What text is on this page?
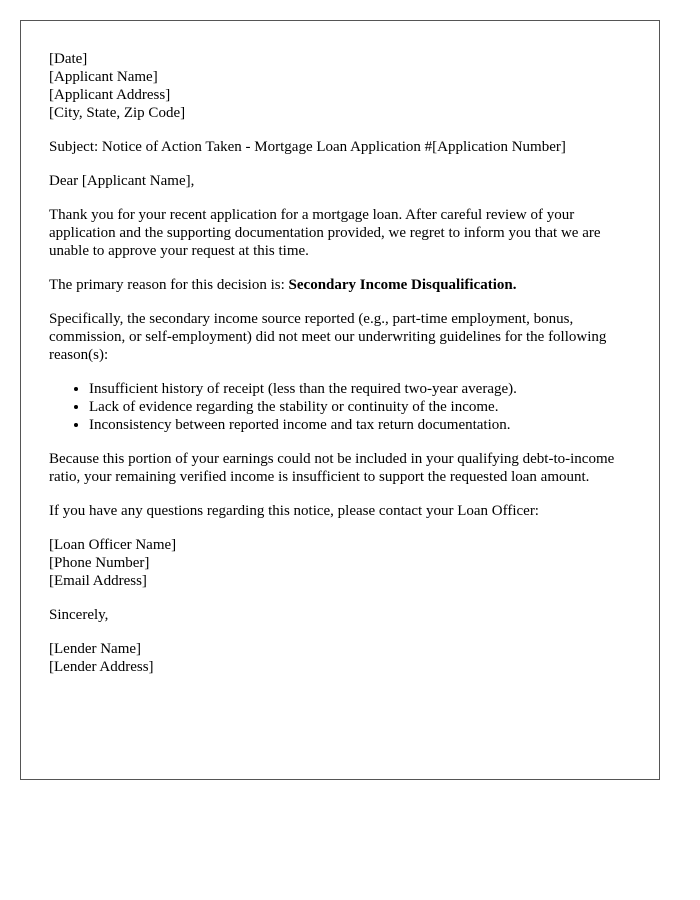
[Date]
[Applicant Name]
[Applicant Address]
[City, State, Zip Code]

Subject: Notice of Action Taken - Mortgage Loan Application #[Application Number]

Dear [Applicant Name],

Thank you for your recent application for a mortgage loan. After careful review of your application and the supporting documentation provided, we regret to inform you that we are unable to approve your request at this time.

The primary reason for this decision is: Secondary Income Disqualification.

Specifically, the secondary income source reported (e.g., part-time employment, bonus, commission, or self-employment) did not meet our underwriting guidelines for the following reason(s):

• Insufficient history of receipt (less than the required two-year average).
• Lack of evidence regarding the stability or continuity of the income.
• Inconsistency between reported income and tax return documentation.

Because this portion of your earnings could not be included in your qualifying debt-to-income ratio, your remaining verified income is insufficient to support the requested loan amount.

If you have any questions regarding this notice, please contact your Loan Officer:

[Loan Officer Name]
[Phone Number]
[Email Address]

Sincerely,

[Lender Name]
[Lender Address]
